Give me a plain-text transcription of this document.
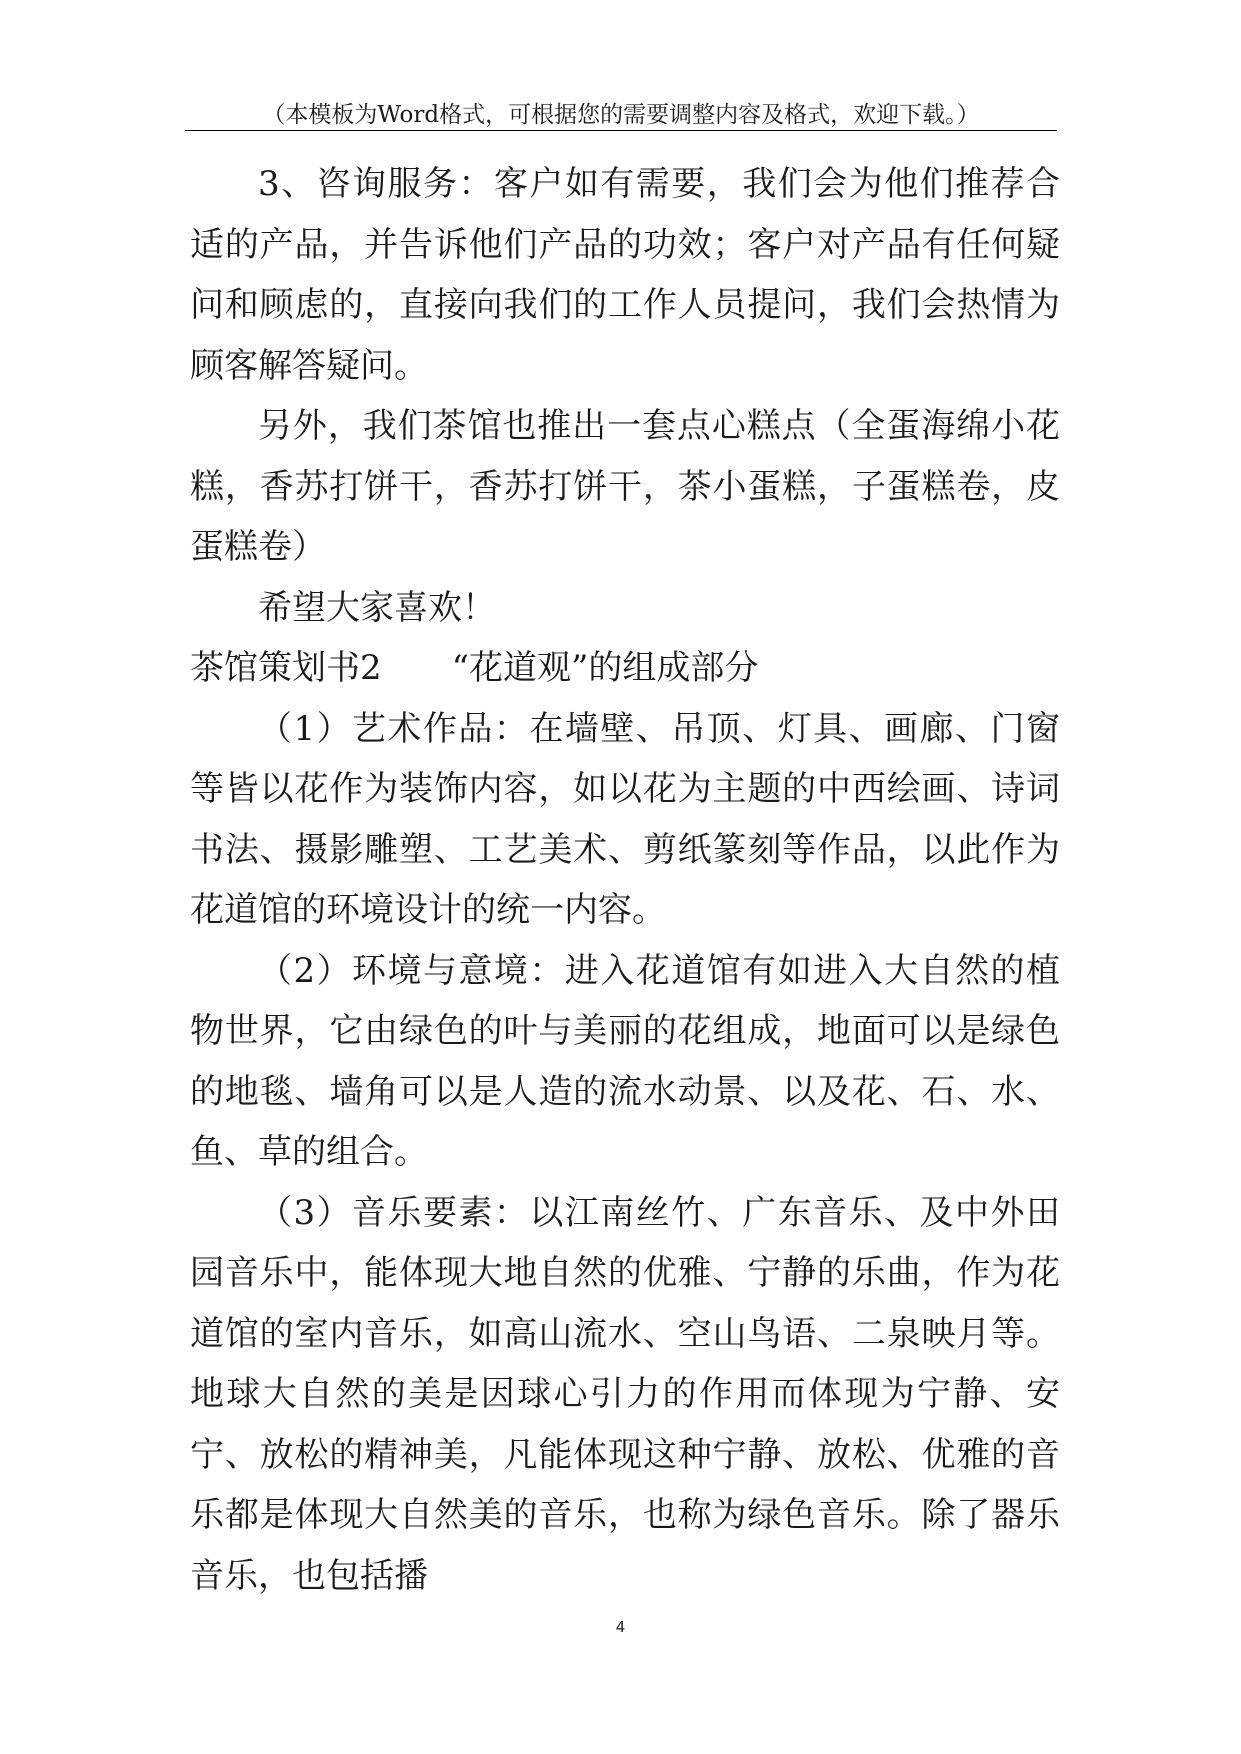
（本模板为Word格式，可根据您的需要调整内容及格式，欢迎下载。）

3、咨询服务：客户如有需要，我们会为他们推荐合适的产品，并告诉他们产品的功效；客户对产品有任何疑问和顾虑的，直接向我们的工作人员提问，我们会热情为顾客解答疑问。

另外，我们茶馆也推出一套点心糕点（全蛋海绵小花糕，香苏打饼干，香苏打饼干，茶小蛋糕，子蛋糕卷，皮蛋糕卷）

希望大家喜欢！

茶馆策划书2 “花道观”的组成部分

（1）艺术作品：在墙壁、吊顶、灯具、画廊、门窗等皆以花作为装饰内容，如以花为主题的中西绘画、诗词书法、摄影雕塑、工艺美术、剪纸篆刻等作品，以此作为花道馆的环境设计的统一内容。

（2）环境与意境：进入花道馆有如进入大自然的植物世界，它由绿色的叶与美丽的花组成，地面可以是绿色的地毯、墙角可以是人造的流水动景、以及花、石、水、鱼、草的组合。

（3）音乐要素：以江南丝竹、广东音乐、及中外田园音乐中，能体现大地自然的优雅、宁静的乐曲，作为花道馆的室内音乐，如高山流水、空山鸟语、二泉映月等。地球大自然的美是因球心引力的作用而体现为宁静、安宁、放松的精神美，凡能体现这种宁静、放松、优雅的音乐都是体现大自然美的音乐，也称为绿色音乐。除了器乐音乐，也包括播

4
